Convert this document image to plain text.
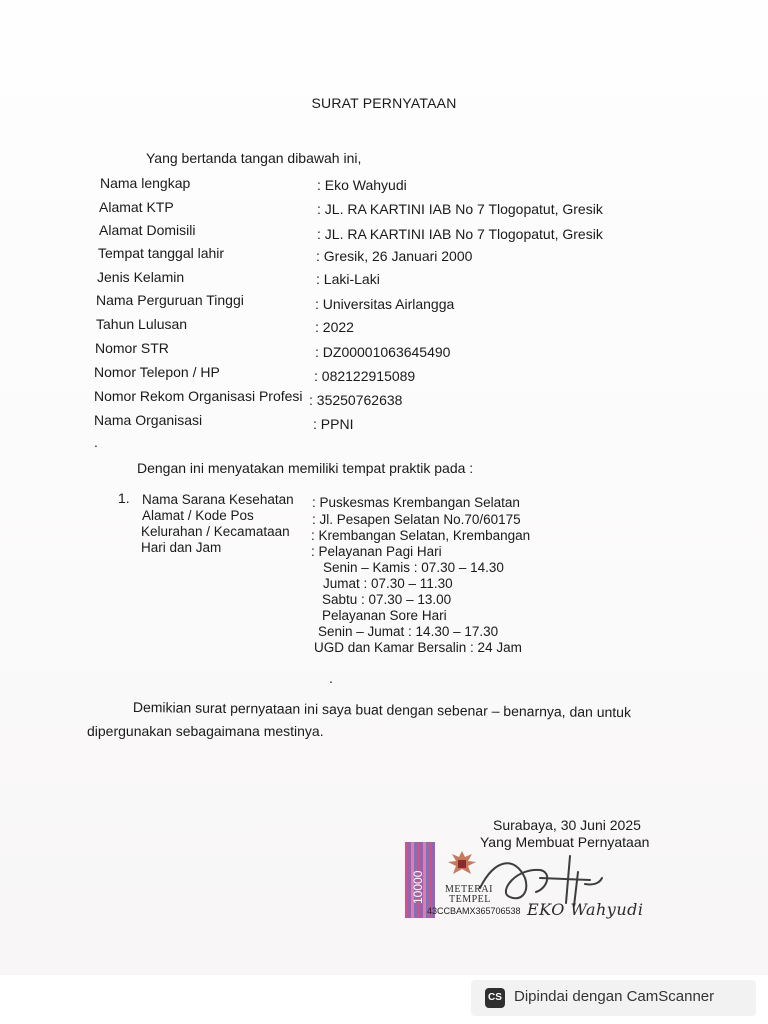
SURAT PERNYATAAN
Yang bertanda tangan dibawah ini,
Nama lengkap	: Eko Wahyudi
Alamat KTP	: JL. RA KARTINI IAB No 7 Tlogopatut, Gresik
Alamat Domisili	: JL. RA KARTINI IAB No 7 Tlogopatut, Gresik
Tempat tanggal lahir	: Gresik, 26 Januari 2000
Jenis Kelamin	: Laki-Laki
Nama Perguruan Tinggi	: Universitas Airlangga
Tahun Lulusan	: 2022
Nomor STR	: DZ00001063645490
Nomor Telepon / HP	: 082122915089
Nomor Rekom Organisasi Profesi : 35250762638
Nama Organisasi	: PPNI
.
Dengan ini menyatakan memiliki tempat praktik pada :
1. Nama Sarana Kesehatan : Puskesmas Krembangan Selatan
Alamat / Kode Pos	: Jl. Pesapen Selatan No.70/60175
Kelurahan / Kecamataan : Krembangan Selatan, Krembangan
Hari dan Jam	: Pelayanan Pagi Hari
Senin – Kamis : 07.30 – 14.30
Jumat : 07.30 – 11.30
Sabtu : 07.30 – 13.00
Pelayanan Sore Hari
Senin – Jumat : 14.30 – 17.30
UGD dan Kamar Bersalin : 24 Jam
.
Demikian surat pernyataan ini saya buat dengan sebenar – benarnya, dan untuk
dipergunakan sebagaimana mestinya.
Surabaya, 30 Juni 2025
Yang Membuat Pernyataan
METERAI
TEMPEL
43CCBAMX365706538
10000
EKO Wahyudi
CS Dipindai dengan CamScanner
